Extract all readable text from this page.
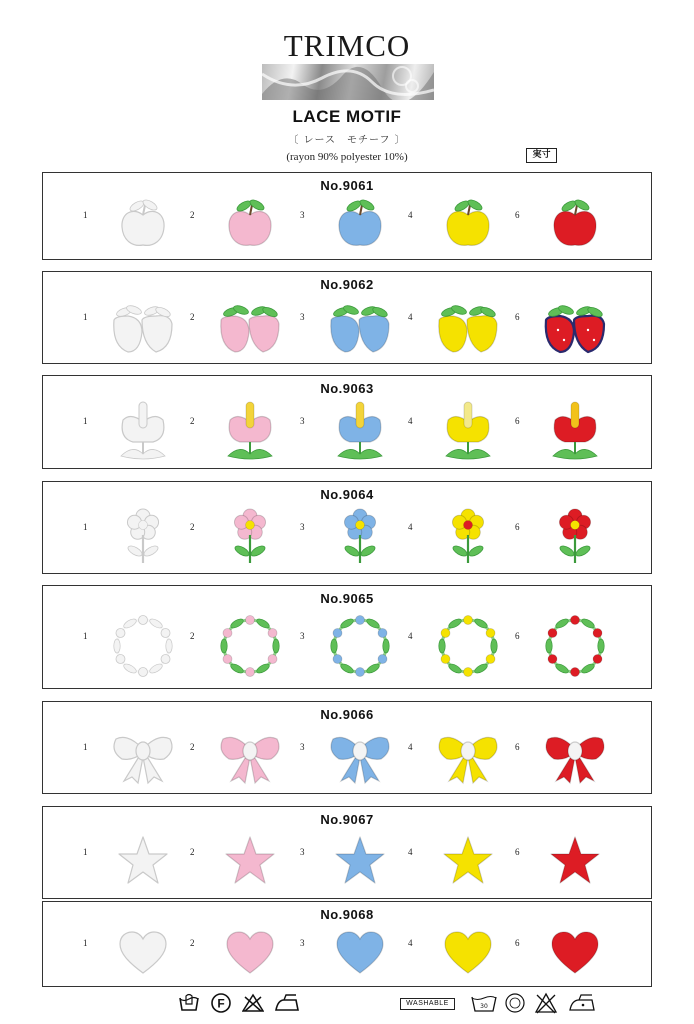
TRIMCO
LACE MOTIF
〔 レース　モチーフ 〕
(rayon 90% polyester 10%)	実寸
No.9061
1	2	3	4	6
No.9062
1	2	3	4	6
No.9063
1	2	3	4	6
No.9064
1	2	3	4	6
No.9065
1	2	3	4	6
No.9066
1	2	3	4	6
No.9067
1	2	3	4	6
No.9068
1	2	3	4	6
F	WASHABLE	30
